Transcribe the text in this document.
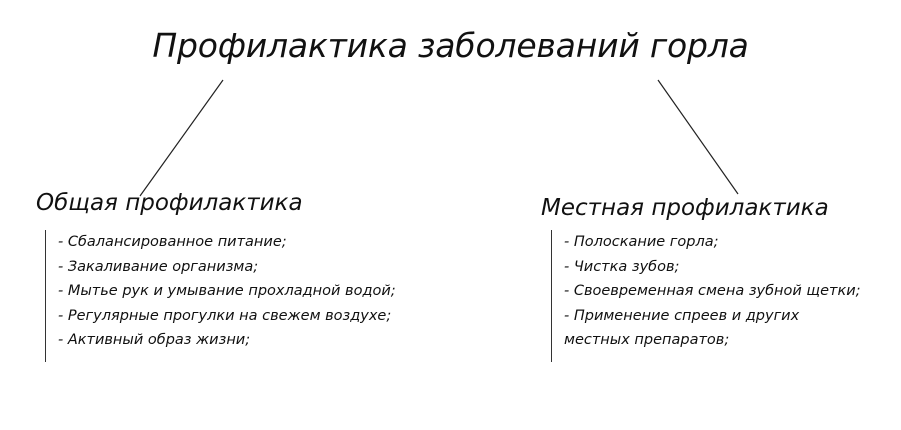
Профилактика заболеваний горла
Общая профилактика
- Сбалансированное питание;
- Закаливание организма;
- Мытье рук и умывание прохладной водой;
- Регулярные прогулки на свежем воздухе;
- Активный образ жизни;
Местная профилактика
- Полоскание горла;
- Чистка зубов;
- Своевременная смена зубной щетки;
- Применение спреев и других
местных препаратов;
